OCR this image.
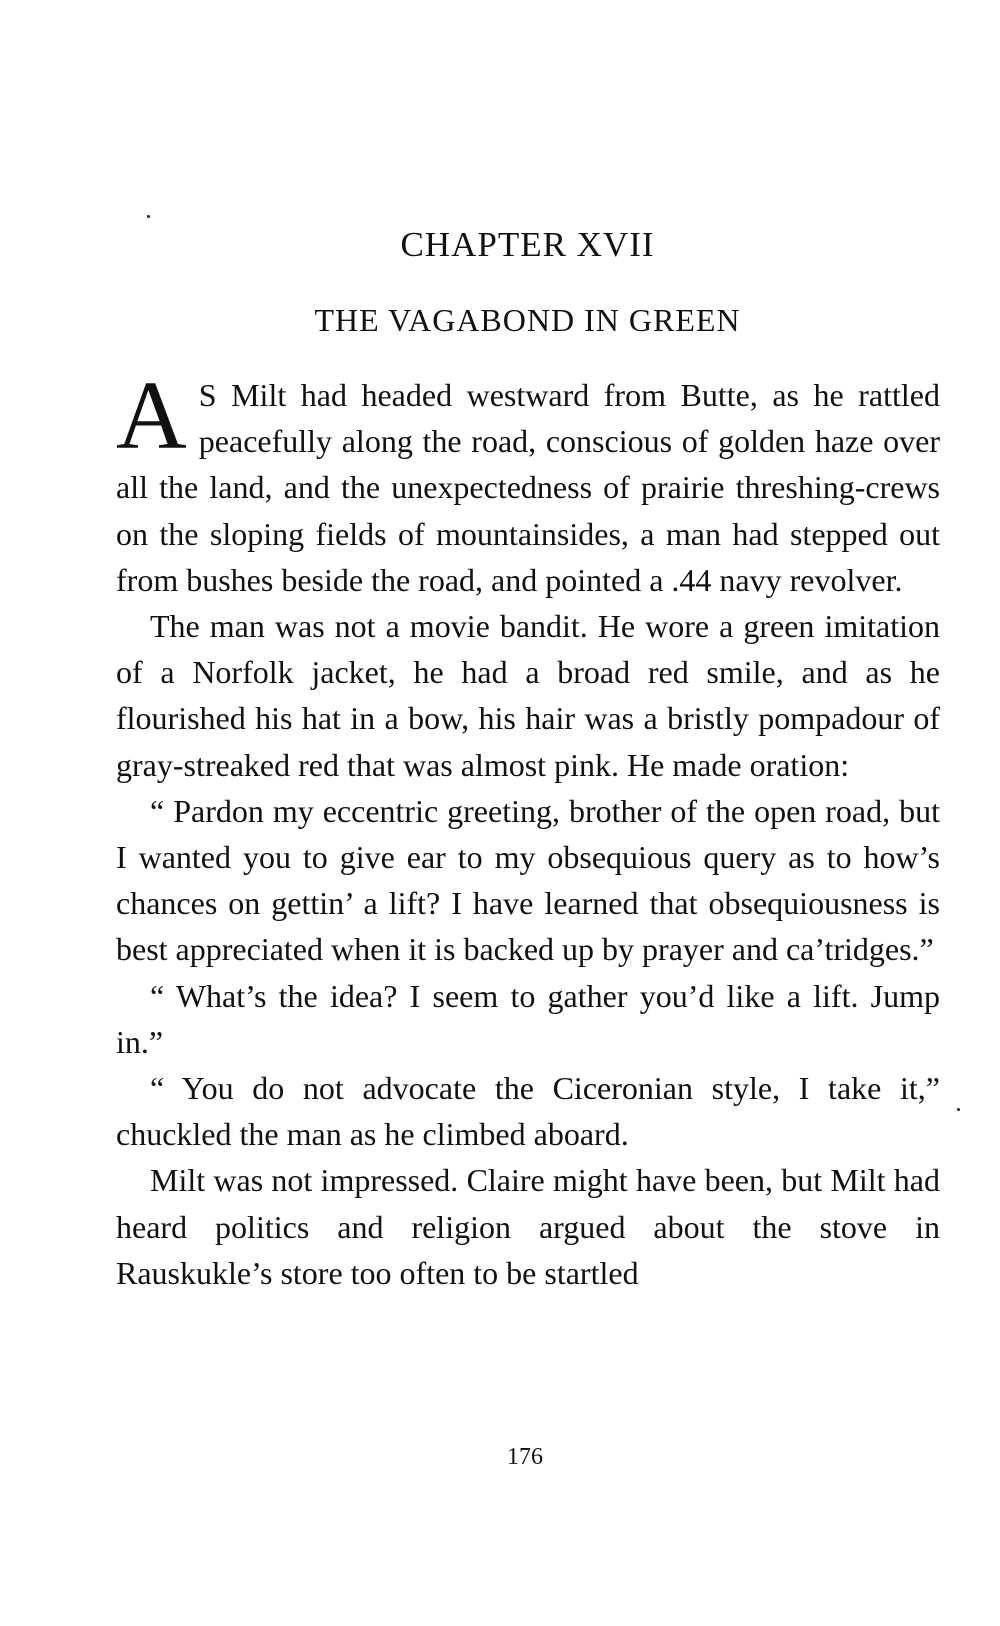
CHAPTER XVII
THE VAGABOND IN GREEN

A S Milt had headed westward from Butte, as he rattled peacefully along the road, conscious of golden haze over all the land, and the unexpectedness of prairie threshing-crews on the sloping fields of mountainsides, a man had stepped out from bushes beside the road, and pointed a .44 navy revolver.

The man was not a movie bandit. He wore a green imitation of a Norfolk jacket, he had a broad red smile, and as he flourished his hat in a bow, his hair was a bristly pompadour of gray-streaked red that was almost pink. He made oration:

“ Pardon my eccentric greeting, brother of the open road, but I wanted you to give ear to my obsequious query as to how’s chances on gettin’ a lift? I have learned that obsequiousness is best appreciated when it is backed up by prayer and ca’tridges.”

“ What’s the idea? I seem to gather you’d like a lift. Jump in.”

“ You do not advocate the Ciceronian style, I take it,” chuckled the man as he climbed aboard.

Milt was not impressed. Claire might have been, but Milt had heard politics and religion argued about the stove in Rauskukle’s store too often to be startled

176
